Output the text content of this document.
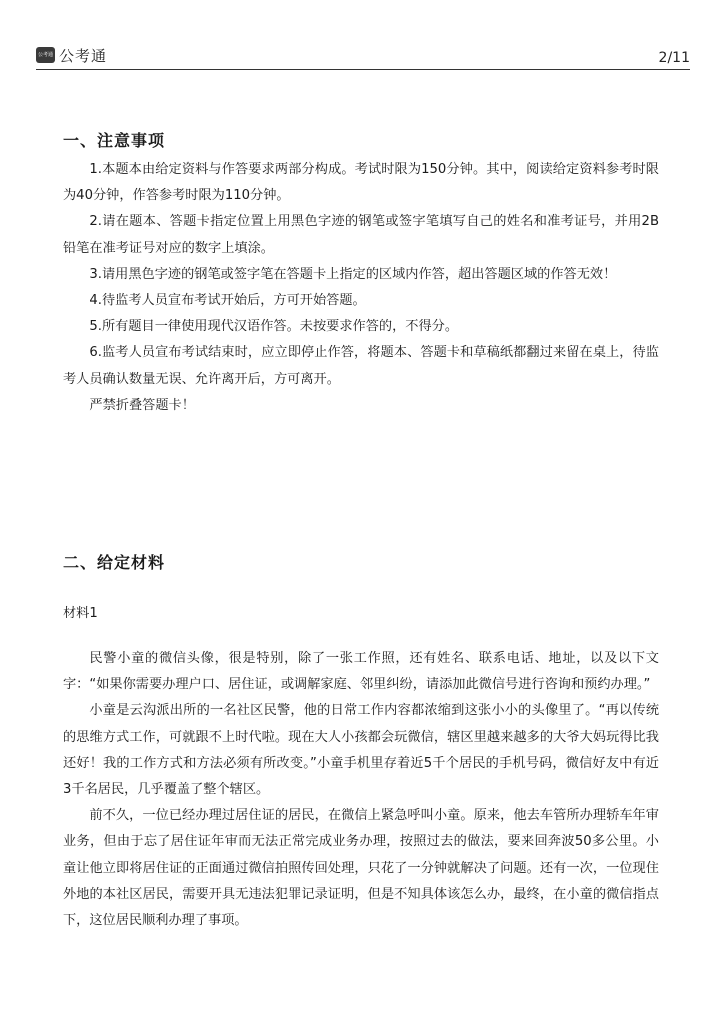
公考通 公考通	2/11
一、注意事项

1.本题本由给定资料与作答要求两部分构成。考试时限为150分钟。其中，阅读给定资料参考时限为40分钟，作答参考时限为110分钟。

2.请在题本、答题卡指定位置上用黑色字迹的钢笔或签字笔填写自己的姓名和准考证号，并用2B铅笔在准考证号对应的数字上填涂。

3.请用黑色字迹的钢笔或签字笔在答题卡上指定的区域内作答，超出答题区域的作答无效！

4.待监考人员宣布考试开始后，方可开始答题。

5.所有题目一律使用现代汉语作答。未按要求作答的，不得分。

6.监考人员宣布考试结束时，应立即停止作答，将题本、答题卡和草稿纸都翻过来留在桌上，待监考人员确认数量无误、允许离开后，方可离开。

严禁折叠答题卡！

二、给定材料
材料1

民警小童的微信头像，很是特别，除了一张工作照，还有姓名、联系电话、地址，以及以下文字：“如果你需要办理户口、居住证，或调解家庭、邻里纠纷，请添加此微信号进行咨询和预约办理。”

小童是云沟派出所的一名社区民警，他的日常工作内容都浓缩到这张小小的头像里了。“再以传统的思维方式工作，可就跟不上时代啦。现在大人小孩都会玩微信，辖区里越来越多的大爷大妈玩得比我还好！我的工作方式和方法必须有所改变。”小童手机里存着近5千个居民的手机号码，微信好友中有近3千名居民，几乎覆盖了整个辖区。

前不久，一位已经办理过居住证的居民，在微信上紧急呼叫小童。原来，他去车管所办理轿车年审业务，但由于忘了居住证年审而无法正常完成业务办理，按照过去的做法，要来回奔波50多公里。小童让他立即将居住证的正面通过微信拍照传回处理，只花了一分钟就解决了问题。还有一次，一位现住外地的本社区居民，需要开具无违法犯罪记录证明，但是不知具体该怎么办，最终，在小童的微信指点下，这位居民顺利办理了事项。
